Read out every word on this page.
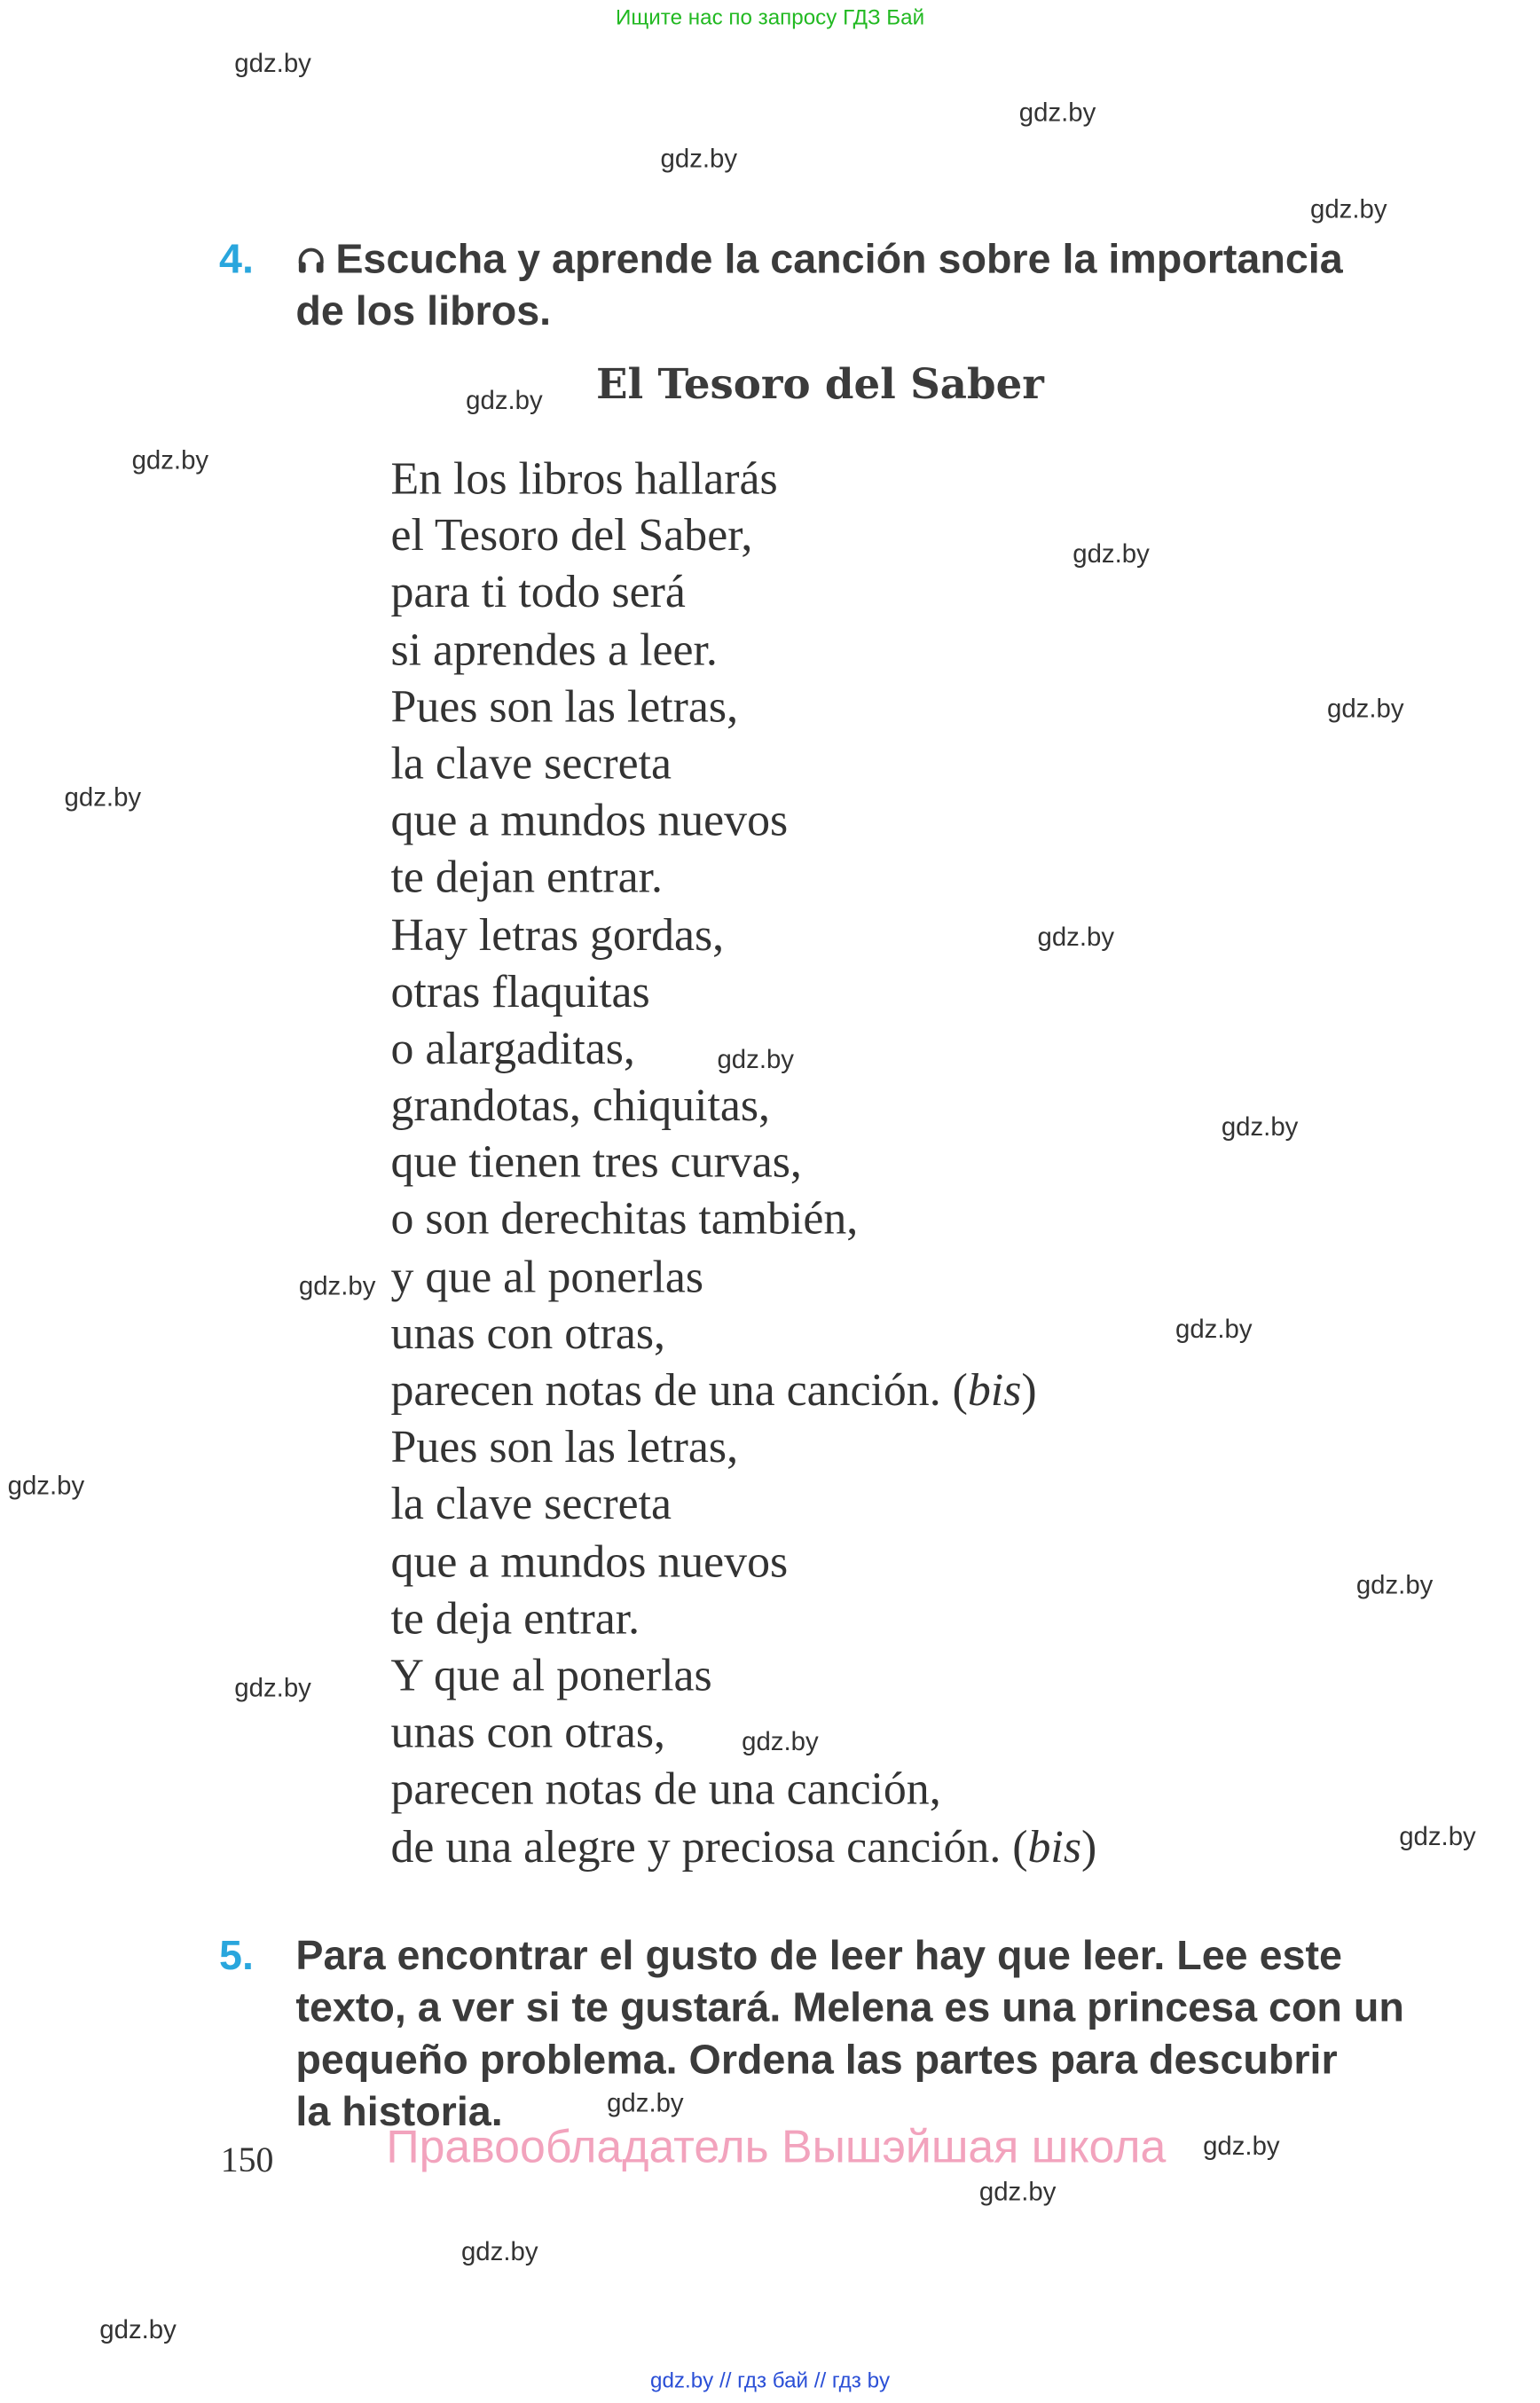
Ищите нас по запросу ГДЗ Бай
gdz.by
gdz.by
gdz.by
gdz.by
gdz.by
gdz.by
gdz.by
gdz.by
gdz.by
gdz.by
gdz.by
gdz.by
gdz.by
gdz.by
gdz.by
gdz.by
gdz.by
gdz.by
gdz.by
gdz.by
gdz.by
gdz.by
gdz.by
gdz.by
4.	Escucha y aprende la canción sobre la importancia
de los libros.
El Tesoro del Saber
En los libros hallarás
el Tesoro del Saber,
para ti todo será
si aprendes a leer.
Pues son las letras,
la clave secreta
que a mundos nuevos
te dejan entrar.
Hay letras gordas,
otras flaquitas
o alargaditas,
grandotas, chiquitas,
que tienen tres curvas,
o son derechitas también,
y que al ponerlas
unas con otras,
parecen notas de una canción. (bis)
Pues son las letras,
la clave secreta
que a mundos nuevos
te deja entrar.
Y que al ponerlas
unas con otras,
parecen notas de una canción,
de una alegre y preciosa canción. (bis)
5. Para encontrar el gusto de leer hay que leer. Lee este
texto, a ver si te gustará. Melena es una princesa con un
pequeño problema. Ordena las partes para descubrir
la historia.
150	Правообладатель Вышэйшая школа
gdz.by // гдз бай // гдз by
